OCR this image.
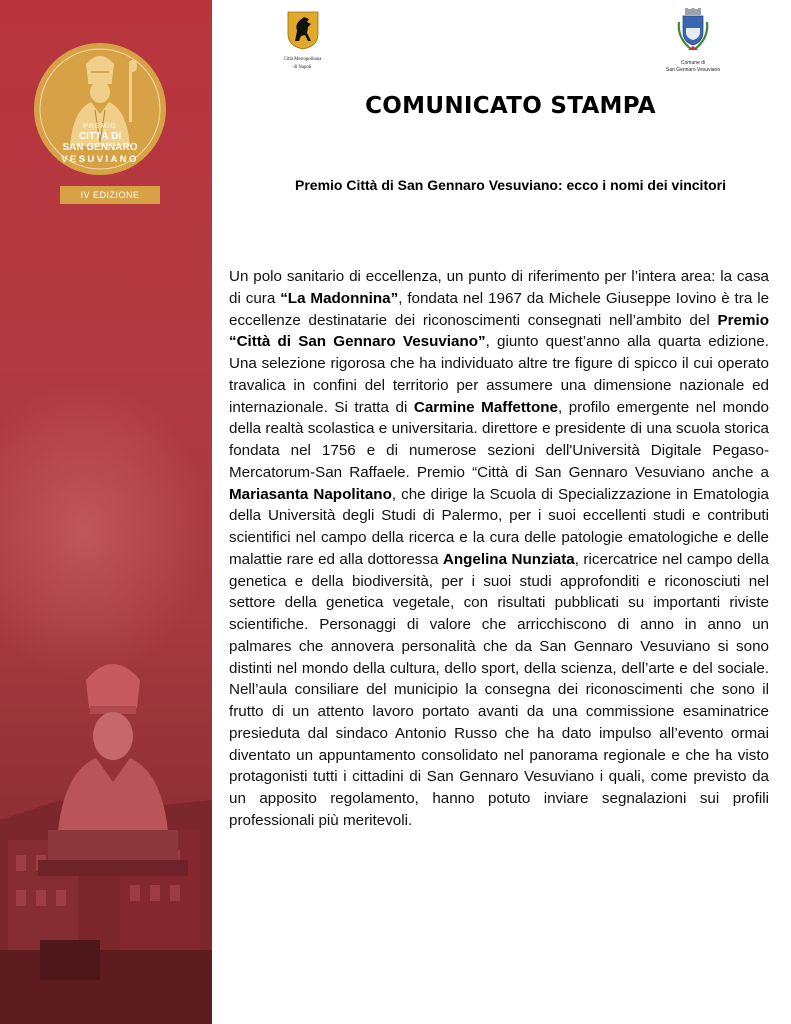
PREMIO
CITTÀ DI
SAN GENNARO
VESUVIANO
IV EDIZIONE
Città Metropolitana
di Napoli
Comune di
San Gennaro Vesuviano
COMUNICATO STAMPA

Premio Città di San Gennaro Vesuviano: ecco i nomi dei vincitori

Un polo sanitario di eccellenza, un punto di riferimento per l’intera area: la casa di cura “La Madonnina”, fondata nel 1967 da Michele Giuseppe Iovino è tra le eccellenze destinatarie dei riconoscimenti consegnati nell’ambito del Premio “Città di San Gennaro Vesuviano”, giunto quest’anno alla quarta edizione. Una selezione rigorosa che ha individuato altre tre figure di spicco il cui operato travalica in confini del territorio per assumere una dimensione nazionale ed internazionale. Si tratta di Carmine Maffettone, profilo emergente nel mondo della realtà scolastica e universitaria. direttore e presidente di una scuola storica fondata nel 1756 e di numerose sezioni dell'Università Digitale Pegaso-Mercatorum-San Raffaele. Premio “Città di San Gennaro Vesuviano anche a Mariasanta Napolitano, che dirige la Scuola di Specializzazione in Ematologia della Università degli Studi di Palermo, per i suoi eccellenti studi e contributi scientifici nel campo della ricerca e la cura delle patologie ematologiche e delle malattie rare ed alla dottoressa Angelina Nunziata, ricercatrice nel campo della genetica e della biodiversità, per i suoi studi approfonditi e riconosciuti nel settore della genetica vegetale, con risultati pubblicati su importanti riviste scientifiche. Personaggi di valore che arricchiscono di anno in anno un palmares che annovera personalità che da San Gennaro Vesuviano si sono distinti nel mondo della cultura, dello sport, della scienza, dell’arte e del sociale. Nell’aula consiliare del municipio la consegna dei riconoscimenti che sono il frutto di un attento lavoro portato avanti da una commissione esaminatrice presieduta dal sindaco Antonio Russo che ha dato impulso all’evento ormai diventato un appuntamento consolidato nel panorama regionale e che ha visto protagonisti tutti i cittadini di San Gennaro Vesuviano i quali, come previsto da un apposito regolamento, hanno potuto inviare segnalazioni sui profili professionali più meritevoli.
